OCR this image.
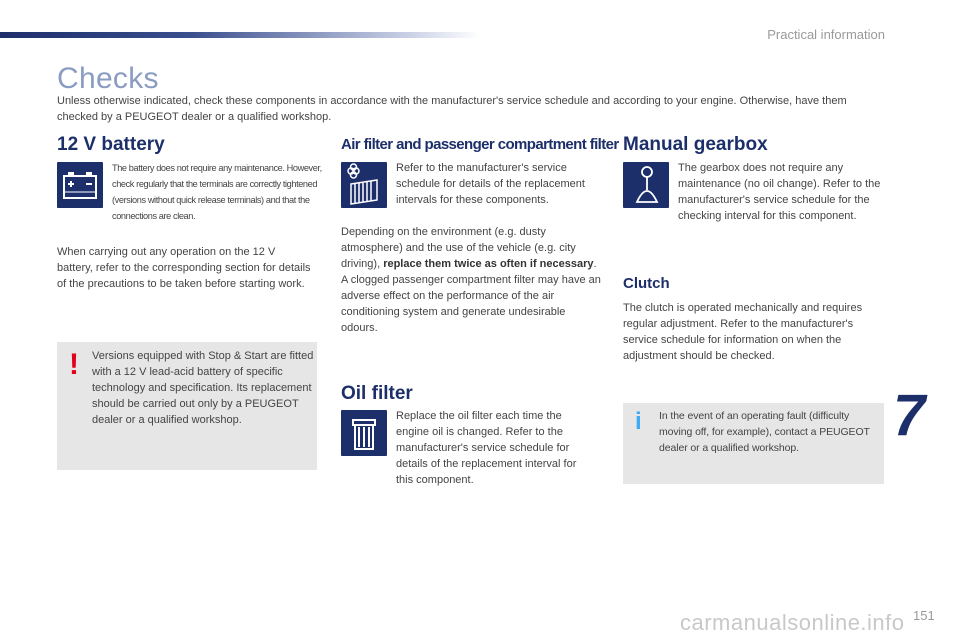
Practical information
Checks
Unless otherwise indicated, check these components in accordance with the manufacturer's service schedule and according to your engine. Otherwise, have them checked by a PEUGEOT dealer or a qualified workshop.
12 V battery
The battery does not require any maintenance. However, check regularly that the terminals are correctly tightened (versions without quick release terminals) and that the connections are clean.
When carrying out any operation on the 12 V battery, refer to the corresponding section for details of the precautions to be taken before starting work.
! Versions equipped with Stop & Start are fitted with a 12 V lead-acid battery of specific technology and specification. Its replacement should be carried out only by a PEUGEOT dealer or a qualified workshop.
Air filter and passenger compartment filter
Refer to the manufacturer's service schedule for details of the replacement intervals for these components.
Depending on the environment (e.g. dusty atmosphere) and the use of the vehicle (e.g. city driving), replace them twice as often if necessary.
A clogged passenger compartment filter may have an adverse effect on the performance of the air conditioning system and generate undesirable odours.
Oil filter
Replace the oil filter each time the engine oil is changed. Refer to the manufacturer's service schedule for details of the replacement interval for this component.
Manual gearbox
The gearbox does not require any maintenance (no oil change). Refer to the manufacturer's service schedule for the checking interval for this component.
Clutch
The clutch is operated mechanically and requires regular adjustment. Refer to the manufacturer's service schedule for information on when the adjustment should be checked.
i In the event of an operating fault (difficulty moving off, for example), contact a PEUGEOT dealer or a qualified workshop.	7
carmanualsonline.info 151
